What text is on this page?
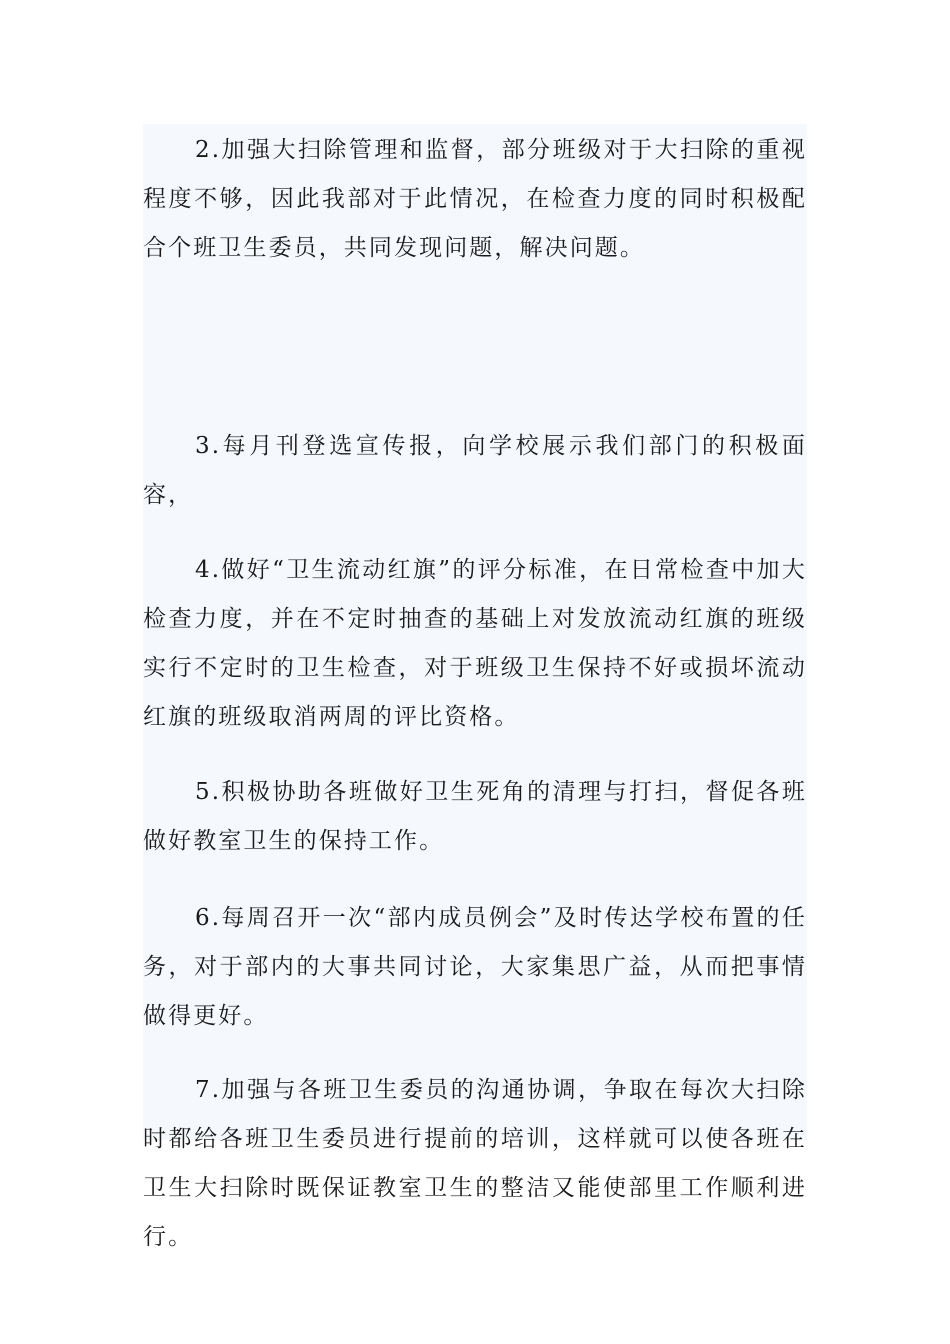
2.加强大扫除管理和监督，部分班级对于大扫除的重视程度不够，因此我部对于此情况，在检查力度的同时积极配合个班卫生委员，共同发现问题，解决问题。

3.每月刊登选宣传报，向学校展示我们部门的积极面容，

4.做好“卫生流动红旗”的评分标准，在日常检查中加大检查力度，并在不定时抽查的基础上对发放流动红旗的班级实行不定时的卫生检查，对于班级卫生保持不好或损坏流动红旗的班级取消两周的评比资格。

5.积极协助各班做好卫生死角的清理与打扫，督促各班做好教室卫生的保持工作。

6.每周召开一次“部内成员例会”及时传达学校布置的任务，对于部内的大事共同讨论，大家集思广益，从而把事情做得更好。

7.加强与各班卫生委员的沟通协调，争取在每次大扫除时都给各班卫生委员进行提前的培训，这样就可以使各班在卫生大扫除时既保证教室卫生的整洁又能使部里工作顺利进行。
